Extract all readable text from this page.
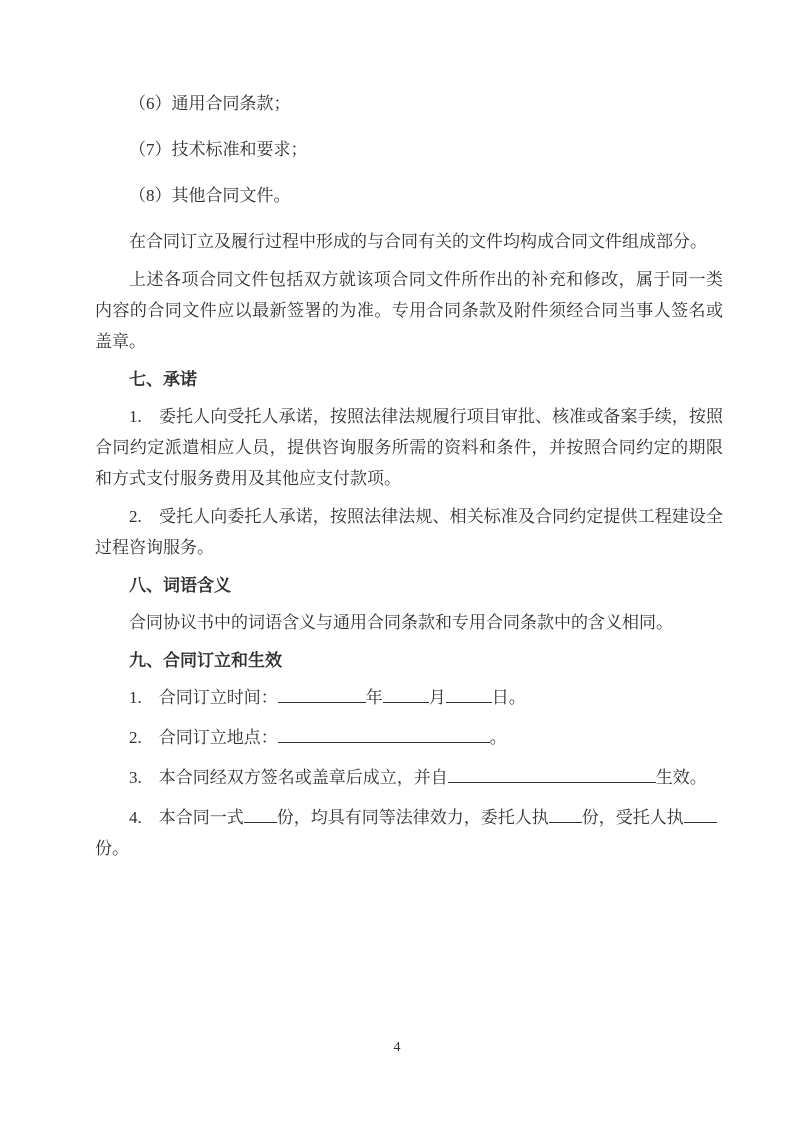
（6）通用合同条款；

（7）技术标准和要求；

（8）其他合同文件。

在合同订立及履行过程中形成的与合同有关的文件均构成合同文件组成部分。

上述各项合同文件包括双方就该项合同文件所作出的补充和修改，属于同一类内容的合同文件应以最新签署的为准。专用合同条款及附件须经合同当事人签名或盖章。

七、承诺

1.　委托人向受托人承诺，按照法律法规履行项目审批、核准或备案手续，按照合同约定派遣相应人员，提供咨询服务所需的资料和条件，并按照合同约定的期限和方式支付服务费用及其他应支付款项。

2.　受托人向委托人承诺，按照法律法规、相关标准及合同约定提供工程建设全过程咨询服务。

八、词语含义

合同协议书中的词语含义与通用合同条款和专用合同条款中的含义相同。

九、合同订立和生效

1.　合同订立时间：	年	月	日。

2.　合同订立地点：	。

3.　本合同经双方签名或盖章后成立，并自	生效。

4.　本合同一式 份，均具有同等法律效力，委托人执 份，受托人执份。

4
